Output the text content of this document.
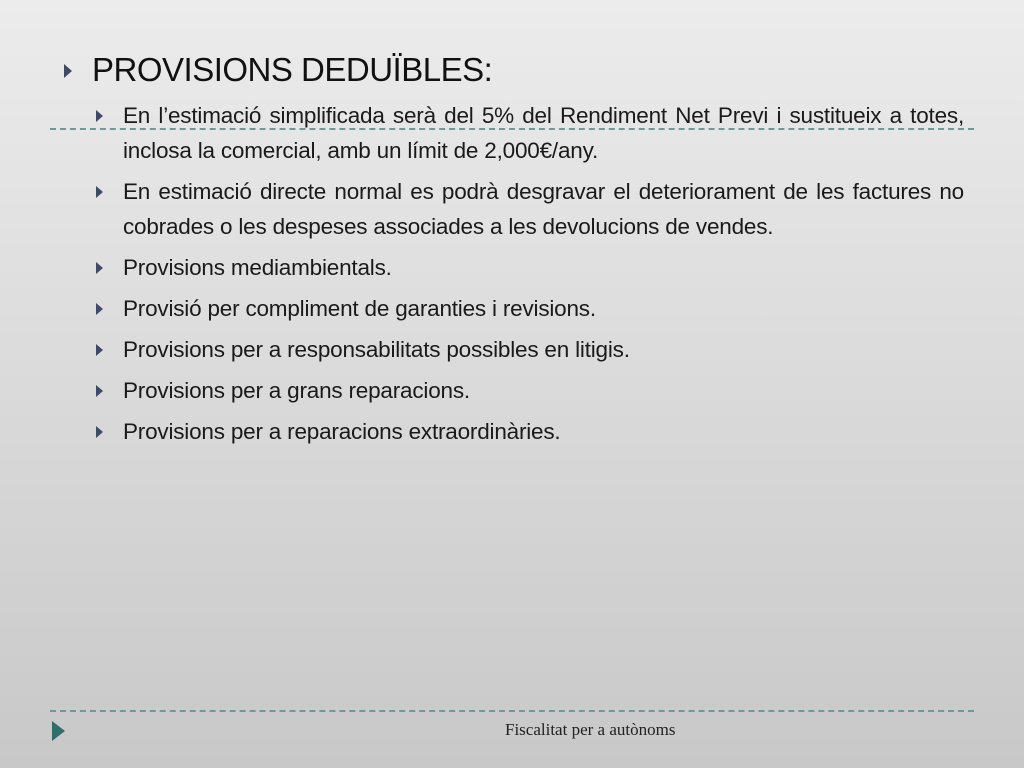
PROVISIONS DEDUÏBLES:
En l’estimació simplificada serà del 5% del Rendiment Net Previ i sustitueix a totes, inclosa la comercial, amb un límit de 2,000€/any.
En estimació directe normal es podrà desgravar el deteriorament de les factures no cobrades o les despeses associades a les devolucions de vendes.
Provisions mediambientals.
Provisió per compliment de garanties i revisions.
Provisions per a responsabilitats possibles en litigis.
Provisions per a grans reparacions.
Provisions per a reparacions extraordinàries.
Fiscalitat per a autònoms
